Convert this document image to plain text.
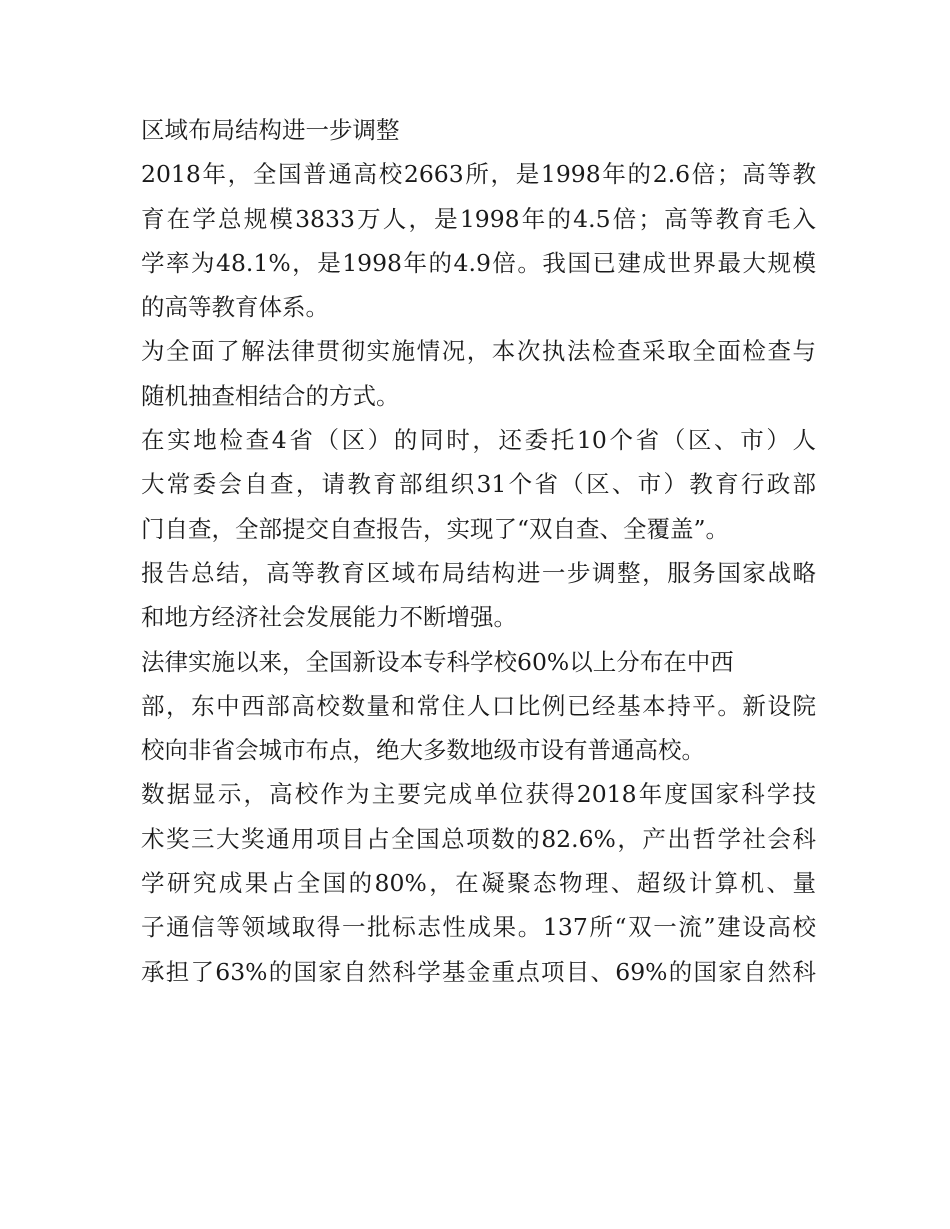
区域布局结构进一步调整
2018年，全国普通高校2663所，是1998年的2.6倍；高等教
育在学总规模3833万人，是1998年的4.5倍；高等教育毛入
学率为48.1%，是1998年的4.9倍。我国已建成世界最大规模
的高等教育体系。
为全面了解法律贯彻实施情况，本次执法检查采取全面检查与
随机抽查相结合的方式。
在实地检查4省（区）的同时，还委托10个省（区、市）人
大常委会自查，请教育部组织31个省（区、市）教育行政部
门自查，全部提交自查报告，实现了“双自查、全覆盖”。
报告总结，高等教育区域布局结构进一步调整，服务国家战略
和地方经济社会发展能力不断增强。
法律实施以来，全国新设本专科学校60%以上分布在中西
部，东中西部高校数量和常住人口比例已经基本持平。新设院
校向非省会城市布点，绝大多数地级市设有普通高校。
数据显示，高校作为主要完成单位获得2018年度国家科学技
术奖三大奖通用项目占全国总项数的82.6%，产出哲学社会科
学研究成果占全国的80%，在凝聚态物理、超级计算机、量
子通信等领域取得一批标志性成果。137所“双一流”建设高校
承担了63%的国家自然科学基金重点项目、69%的国家自然科
